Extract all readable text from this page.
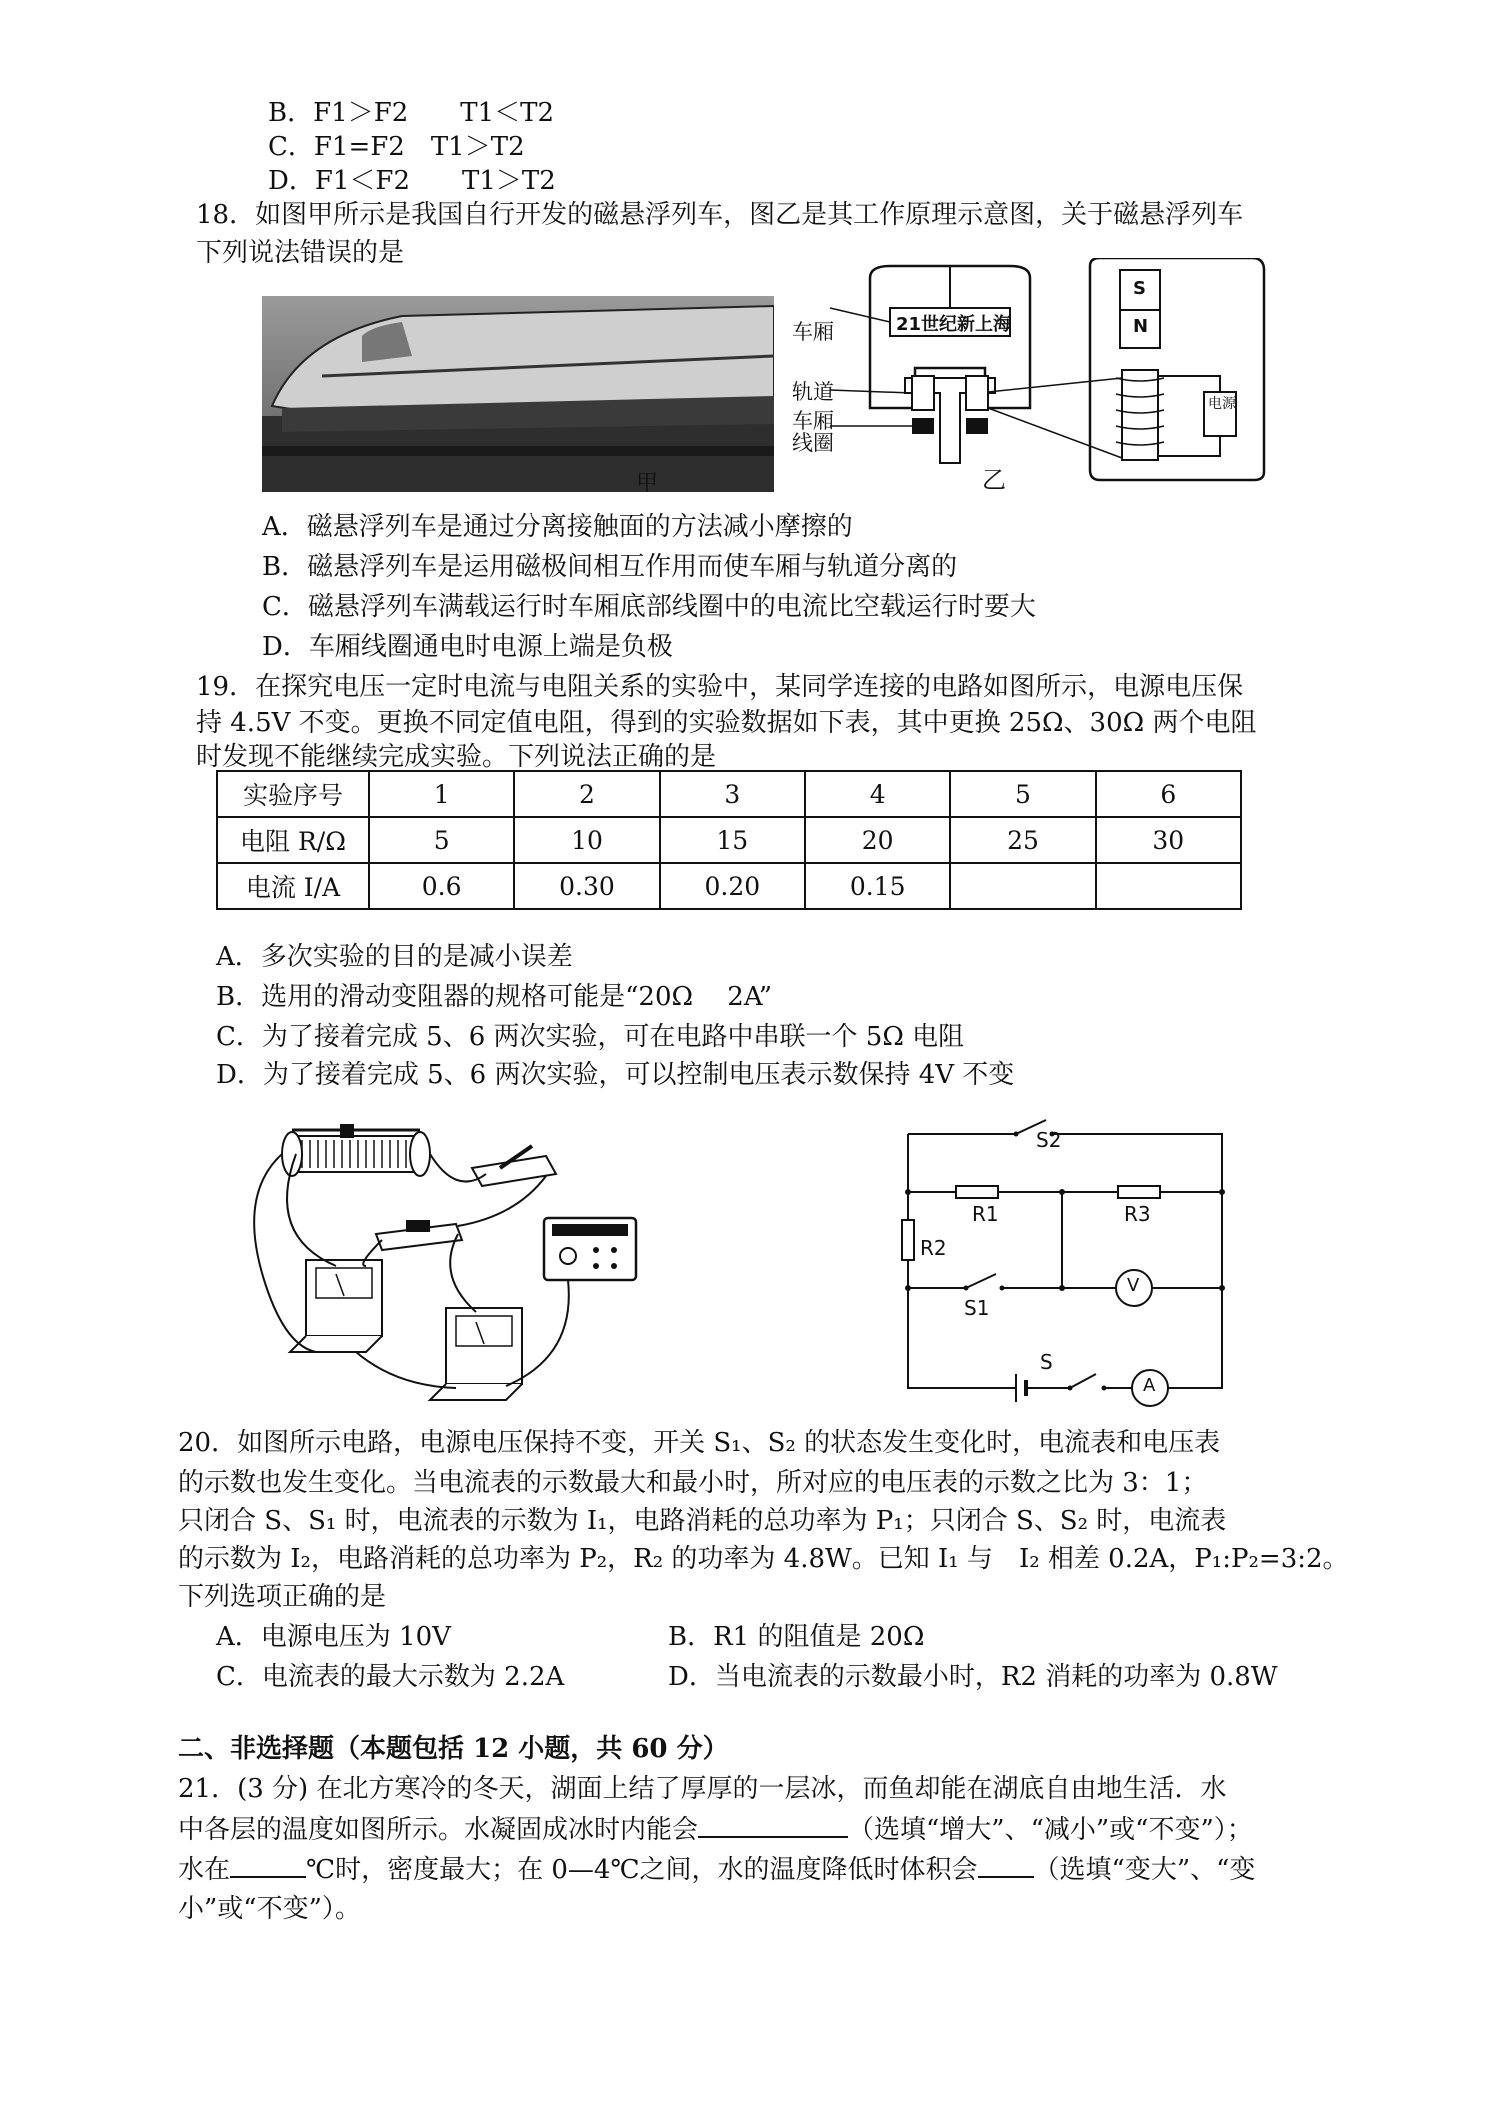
B．F1＞F2　　T1＜T2
C．F1=F2　T1＞T2
D．F1＜F2　　T1＞T2
18．如图甲所示是我国自行开发的磁悬浮列车，图乙是其工作原理示意图，关于磁悬浮列车
下列说法错误的是
甲
21世纪新上海
S
N
电源
车厢
轨道
车厢
线圈
乙
A．磁悬浮列车是通过分离接触面的方法减小摩擦的
B．磁悬浮列车是运用磁极间相互作用而使车厢与轨道分离的
C．磁悬浮列车满载运行时车厢底部线圈中的电流比空载运行时要大
D．车厢线圈通电时电源上端是负极
19．在探究电压一定时电流与电阻关系的实验中，某同学连接的电路如图所示，电源电压保
持 4.5V 不变。更换不同定值电阻，得到的实验数据如下表，其中更换 25Ω、30Ω 两个电阻
时发现不能继续完成实验。下列说法正确的是
实验序号	1	2	3	4	5	6
电阻 R/Ω	5	10	15	20	25	30
电流 I/A	0.6	0.30	0.20	0.15		
A．多次实验的目的是减小误差
B．选用的滑动变阻器的规格可能是“20Ω　 2A”
C．为了接着完成 5、6 两次实验，可在电路中串联一个 5Ω 电阻
D．为了接着完成 5、6 两次实验，可以控制电压表示数保持 4V 不变
S2
R1	R3
R2
S1
S
V
A
20．如图所示电路，电源电压保持不变，开关 S₁、S₂ 的状态发生变化时，电流表和电压表
的示数也发生变化。当电流表的示数最大和最小时，所对应的电压表的示数之比为 3：1；
只闭合 S、S₁ 时，电流表的示数为 I₁，电路消耗的总功率为 P₁；只闭合 S、S₂ 时，电流表
的示数为 I₂，电路消耗的总功率为 P₂，R₂ 的功率为 4.8W。已知 I₁ 与　I₂ 相差 0.2A，P₁:P₂=3:2。
下列选项正确的是
A．电源电压为 10V	B．R1 的阻值是 20Ω
C．电流表的最大示数为 2.2A	D．当电流表的示数最小时，R2 消耗的功率为 0.8W
二、非选择题（本题包括 12 小题，共 60 分）
21．(3 分) 在北方寒冷的冬天，湖面上结了厚厚的一层冰，而鱼却能在湖底自由地生活．水
中各层的温度如图所示。水凝固成冰时内能会	（选填“增大”、“减小”或“不变”）；
水在	℃时，密度最大；在 0—4℃之间，水的温度降低时体积会 （选填“变大”、“变
小”或“不变”）。
